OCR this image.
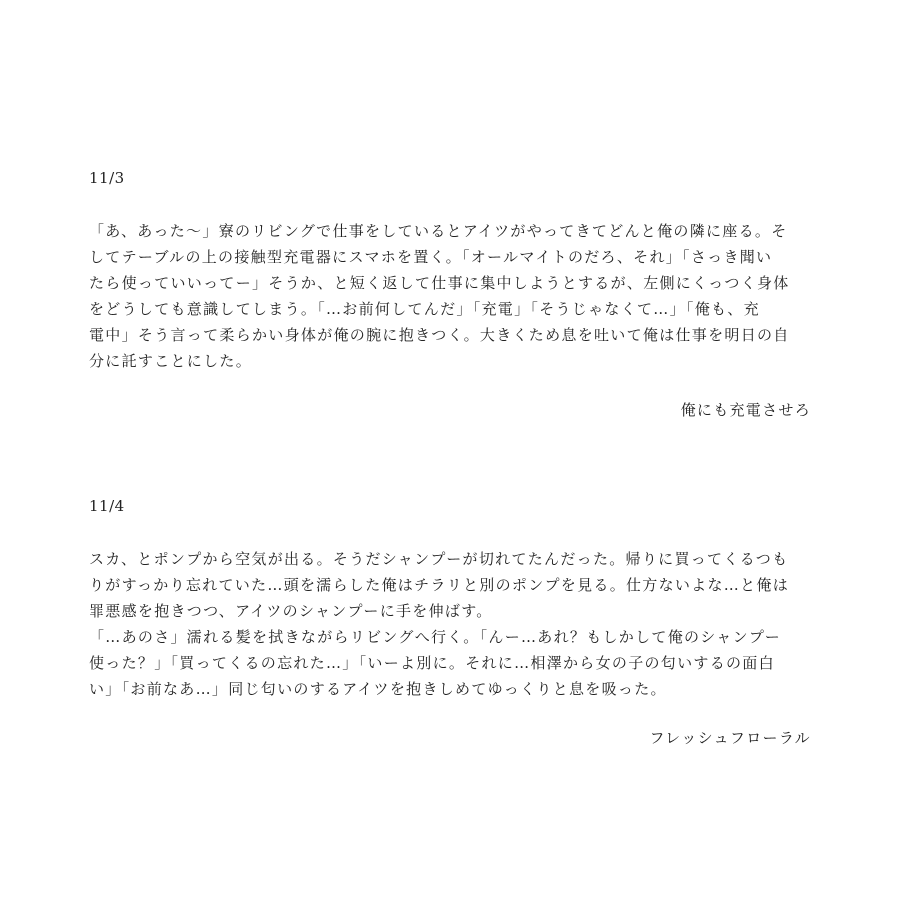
11/3

「あ、あった〜」寮のリビングで仕事をしているとアイツがやってきてどんと俺の隣に座る。そ
してテーブルの上の接触型充電器にスマホを置く。「オールマイトのだろ、それ」「さっき聞い
たら使っていいってー」そうか、と短く返して仕事に集中しようとするが、左側にくっつく身体
をどうしても意識してしまう。「…お前何してんだ」「充電」「そうじゃなくて…」「俺も、充
電中」そう言って柔らかい身体が俺の腕に抱きつく。大きくため息を吐いて俺は仕事を明日の自
分に託すことにした。

俺にも充電させろ
11/4

スカ、とポンプから空気が出る。そうだシャンプーが切れてたんだった。帰りに買ってくるつも
りがすっかり忘れていた…頭を濡らした俺はチラリと別のポンプを見る。仕方ないよな…と俺は
罪悪感を抱きつつ、アイツのシャンプーに手を伸ばす。
「…あのさ」濡れる髪を拭きながらリビングへ行く。「んー…あれ？もしかして俺のシャンプー
使った？」「買ってくるの忘れた…」「いーよ別に。それに…相澤から女の子の匂いするの面白
い」「お前なあ…」同じ匂いのするアイツを抱きしめてゆっくりと息を吸った。

フレッシュフローラル
